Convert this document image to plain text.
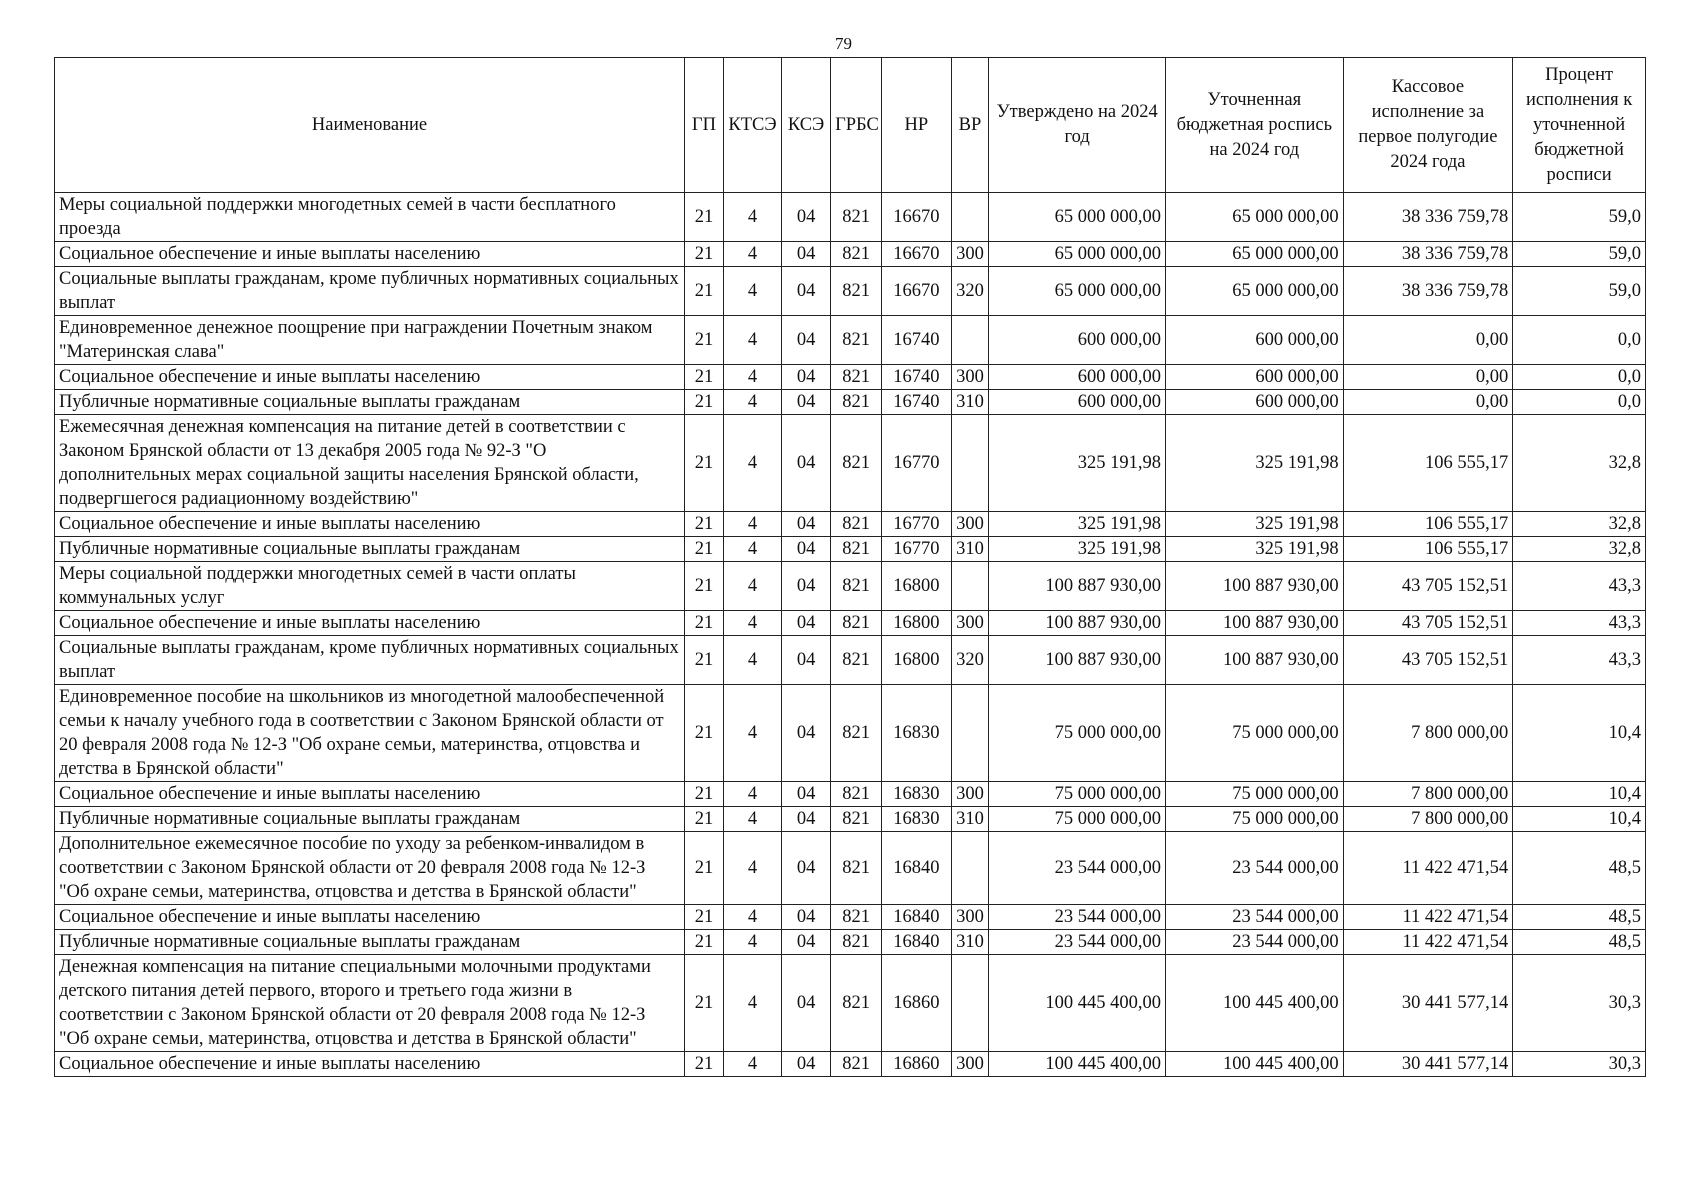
79
Наименование	ГП	КТСЭ	КСЭ	ГРБС	НР	ВР	Утверждено на 2024 год	Уточненная бюджетная роспись на 2024 год	Кассовое исполнение за первое полугодие 2024 года	Процент исполнения к уточненной бюджетной росписи
Меры социальной поддержки многодетных семей в части бесплатного проезда	21	4	04	821	16670		65 000 000,00	65 000 000,00	38 336 759,78	59,0
Социальное обеспечение и иные выплаты населению	21	4	04	821	16670	300	65 000 000,00	65 000 000,00	38 336 759,78	59,0
Социальные выплаты гражданам, кроме публичных нормативных социальных выплат	21	4	04	821	16670	320	65 000 000,00	65 000 000,00	38 336 759,78	59,0
Единовременное денежное поощрение при награждении Почетным знаком "Материнская слава"	21	4	04	821	16740		600 000,00	600 000,00	0,00	0,0
Социальное обеспечение и иные выплаты населению	21	4	04	821	16740	300	600 000,00	600 000,00	0,00	0,0
Публичные нормативные социальные выплаты гражданам	21	4	04	821	16740	310	600 000,00	600 000,00	0,00	0,0
Ежемесячная денежная компенсация на питание детей в соответствии с Законом Брянской области от 13 декабря 2005 года № 92-З "О дополнительных мерах социальной защиты населения Брянской области, подвергшегося радиационному воздействию"	21	4	04	821	16770		325 191,98	325 191,98	106 555,17	32,8
Социальное обеспечение и иные выплаты населению	21	4	04	821	16770	300	325 191,98	325 191,98	106 555,17	32,8
Публичные нормативные социальные выплаты гражданам	21	4	04	821	16770	310	325 191,98	325 191,98	106 555,17	32,8
Меры социальной поддержки многодетных семей в части оплаты коммунальных услуг	21	4	04	821	16800		100 887 930,00	100 887 930,00	43 705 152,51	43,3
Социальное обеспечение и иные выплаты населению	21	4	04	821	16800	300	100 887 930,00	100 887 930,00	43 705 152,51	43,3
Социальные выплаты гражданам, кроме публичных нормативных социальных выплат	21	4	04	821	16800	320	100 887 930,00	100 887 930,00	43 705 152,51	43,3
Единовременное пособие на школьников из многодетной малообеспеченной семьи к началу учебного года в соответствии с Законом Брянской области от 20 февраля 2008 года № 12-З "Об охране семьи, материнства, отцовства и детства в Брянской области"	21	4	04	821	16830		75 000 000,00	75 000 000,00	7 800 000,00	10,4
Социальное обеспечение и иные выплаты населению	21	4	04	821	16830	300	75 000 000,00	75 000 000,00	7 800 000,00	10,4
Публичные нормативные социальные выплаты гражданам	21	4	04	821	16830	310	75 000 000,00	75 000 000,00	7 800 000,00	10,4
Дополнительное ежемесячное пособие по уходу за ребенком-инвалидом в соответствии с Законом Брянской области от 20 февраля 2008 года № 12-З "Об охране семьи, материнства, отцовства и детства в Брянской области"	21	4	04	821	16840		23 544 000,00	23 544 000,00	11 422 471,54	48,5
Социальное обеспечение и иные выплаты населению	21	4	04	821	16840	300	23 544 000,00	23 544 000,00	11 422 471,54	48,5
Публичные нормативные социальные выплаты гражданам	21	4	04	821	16840	310	23 544 000,00	23 544 000,00	11 422 471,54	48,5
Денежная компенсация на питание специальными молочными продуктами детского питания детей первого, второго и третьего года жизни в соответствии с Законом Брянской области от 20 февраля 2008 года № 12-З "Об охране семьи, материнства, отцовства и детства в Брянской области"	21	4	04	821	16860		100 445 400,00	100 445 400,00	30 441 577,14	30,3
Социальное обеспечение и иные выплаты населению	21	4	04	821	16860	300	100 445 400,00	100 445 400,00	30 441 577,14	30,3
